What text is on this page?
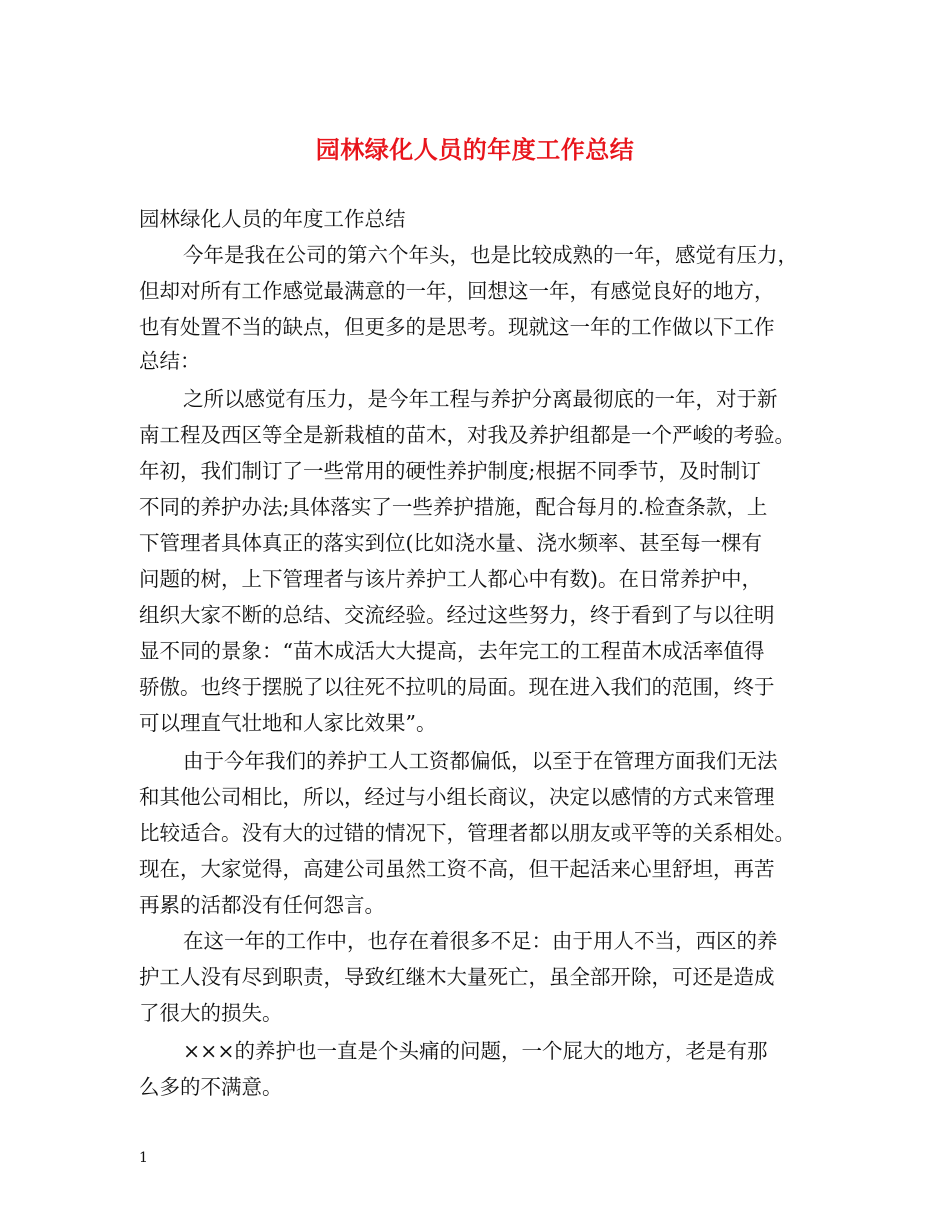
园林绿化人员的年度工作总结

园林绿化人员的年度工作总结

今年是我在公司的第六个年头，也是比较成熟的一年，感觉有压力，

但却对所有工作感觉最满意的一年，回想这一年，有感觉良好的地方，

也有处置不当的缺点，但更多的是思考。现就这一年的工作做以下工作

总结：

之所以感觉有压力，是今年工程与养护分离最彻底的一年，对于新

南工程及西区等全是新栽植的苗木，对我及养护组都是一个严峻的考验。

年初，我们制订了一些常用的硬性养护制度;根据不同季节，及时制订

不同的养护办法;具体落实了一些养护措施，配合每月的.检查条款，上

下管理者具体真正的落实到位(比如浇水量、浇水频率、甚至每一棵有

问题的树，上下管理者与该片养护工人都心中有数)。在日常养护中，

组织大家不断的总结、交流经验。经过这些努力，终于看到了与以往明

显不同的景象：“苗木成活大大提高，去年完工的工程苗木成活率值得

骄傲。也终于摆脱了以往死不拉叽的局面。现在进入我们的范围，终于

可以理直气壮地和人家比效果”。

由于今年我们的养护工人工资都偏低，以至于在管理方面我们无法

和其他公司相比，所以，经过与小组长商议，决定以感情的方式来管理

比较适合。没有大的过错的情况下，管理者都以朋友或平等的关系相处。

现在，大家觉得，高建公司虽然工资不高，但干起活来心里舒坦，再苦

再累的活都没有任何怨言。

在这一年的工作中，也存在着很多不足：由于用人不当，西区的养

护工人没有尽到职责，导致红继木大量死亡，虽全部开除，可还是造成

了很大的损失。

×××的养护也一直是个头痛的问题，一个屁大的地方，老是有那

么多的不满意。

1
